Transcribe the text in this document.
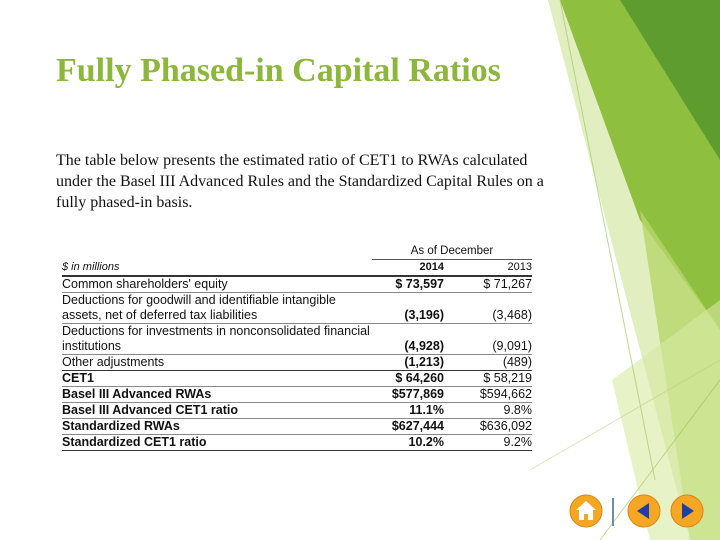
Fully Phased-in Capital Ratios
The table below presents the estimated ratio of CET1 to RWAs calculated under the Basel III Advanced Rules and the Standardized Capital Rules on a fully phased-in basis.
	As of December	
$ in millions	2014	2013
Common shareholders' equity	$ 73,597	$ 71,267
Deductions for goodwill and identifiable intangible assets, net of deferred tax liabilities	(3,196)	(3,468)
Deductions for investments in nonconsolidated financial institutions	(4,928)	(9,091)
Other adjustments	(1,213)	(489)
CET1	$ 64,260	$ 58,219
Basel III Advanced RWAs	$577,869	$594,662
Basel III Advanced CET1 ratio	11.1%	9.8%
Standardized RWAs	$627,444	$636,092
Standardized CET1 ratio	10.2%	9.2%
